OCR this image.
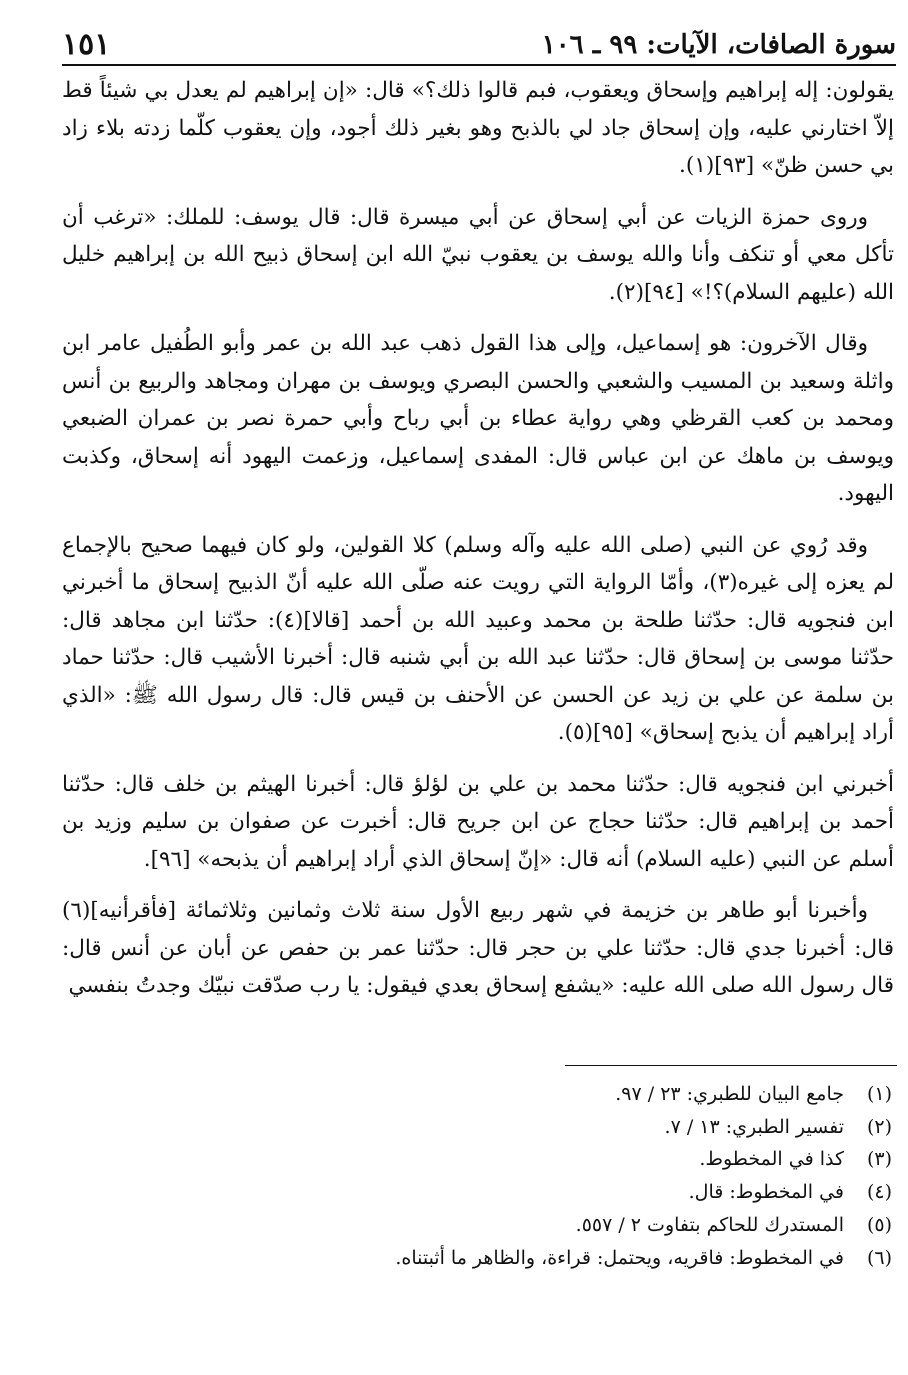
سورة الصافات، الآيات: ٩٩ ـ ١٠٦
١٥١

يقولون: إله إبراهيم وإسحاق ويعقوب، فبم قالوا ذلك؟» قال: «إن إبراهيم لم يعدل بي شيئاً قط إلاّ اختارني عليه، وإن إسحاق جاد لي بالذبح وهو بغير ذلك أجود، وإن يعقوب كلّما زدته بلاء زاد بي حسن ظنّ» [٩٣](١).

وروى حمزة الزيات عن أبي إسحاق عن أبي ميسرة قال: قال يوسف: للملك: «ترغب أن تأكل معي أو تنكف وأنا والله يوسف بن يعقوب نبيّ الله ابن إسحاق ذبيح الله بن إبراهيم خليل الله (عليهم السلام)؟!» [٩٤](٢).

وقال الآخرون: هو إسماعيل، وإلى هذا القول ذهب عبد الله بن عمر وأبو الطُفيل عامر ابن واثلة وسعيد بن المسيب والشعبي والحسن البصري ويوسف بن مهران ومجاهد والربيع بن أنس ومحمد بن كعب القرظي وهي رواية عطاء بن أبي رباح وأبي حمرة نصر بن عمران الضبعي ويوسف بن ماهك عن ابن عباس قال: المفدى إسماعيل، وزعمت اليهود أنه إسحاق، وكذبت اليهود.

وقد رُوي عن النبي (صلى الله عليه وآله وسلم) كلا القولين، ولو كان فيهما صحيح بالإجماع لم يعزه إلى غيره(٣)، وأمّا الرواية التي رويت عنه صلّى الله عليه أنّ الذبيح إسحاق ما أخبرني ابن فنجويه قال: حدّثنا طلحة بن محمد وعبيد الله بن أحمد [قالا](٤): حدّثنا ابن مجاهد قال: حدّثنا موسى بن إسحاق قال: حدّثنا عبد الله بن أبي شنبه قال: أخبرنا الأشيب قال: حدّثنا حماد بن سلمة عن علي بن زيد عن الحسن عن الأحنف بن قيس قال: قال رسول الله ﷺ: «الذي أراد إبراهيم أن يذبح إسحاق» [٩٥](٥).

أخبرني ابن فنجويه قال: حدّثنا محمد بن علي بن لؤلؤ قال: أخبرنا الهيثم بن خلف قال: حدّثنا أحمد بن إبراهيم قال: حدّثنا حجاج عن ابن جريح قال: أخبرت عن صفوان بن سليم وزيد بن أسلم عن النبي (عليه السلام) أنه قال: «إنّ إسحاق الذي أراد إبراهيم أن يذبحه» [٩٦].

وأخبرنا أبو طاهر بن خزيمة في شهر ربيع الأول سنة ثلاث وثمانين وثلاثمائة [فأقرأنيه](٦) قال: أخبرنا جدي قال: حدّثنا علي بن حجر قال: حدّثنا عمر بن حفص عن أبان عن أنس قال: قال رسول الله صلى الله عليه: «يشفع إسحاق بعدي فيقول: يا رب صدّقت نبيّك وجدتُ بنفسي

(١)
جامع البيان للطبري: ٢٣ / ٩٧.
(٢)
تفسير الطبري: ١٣ / ٧.
(٣)
كذا في المخطوط.
(٤)
في المخطوط: قال.
(٥)
المستدرك للحاكم بتفاوت ٢ / ٥٥٧.
(٦)
في المخطوط: فاقريه، ويحتمل: قراءة، والظاهر ما أثبتناه.
